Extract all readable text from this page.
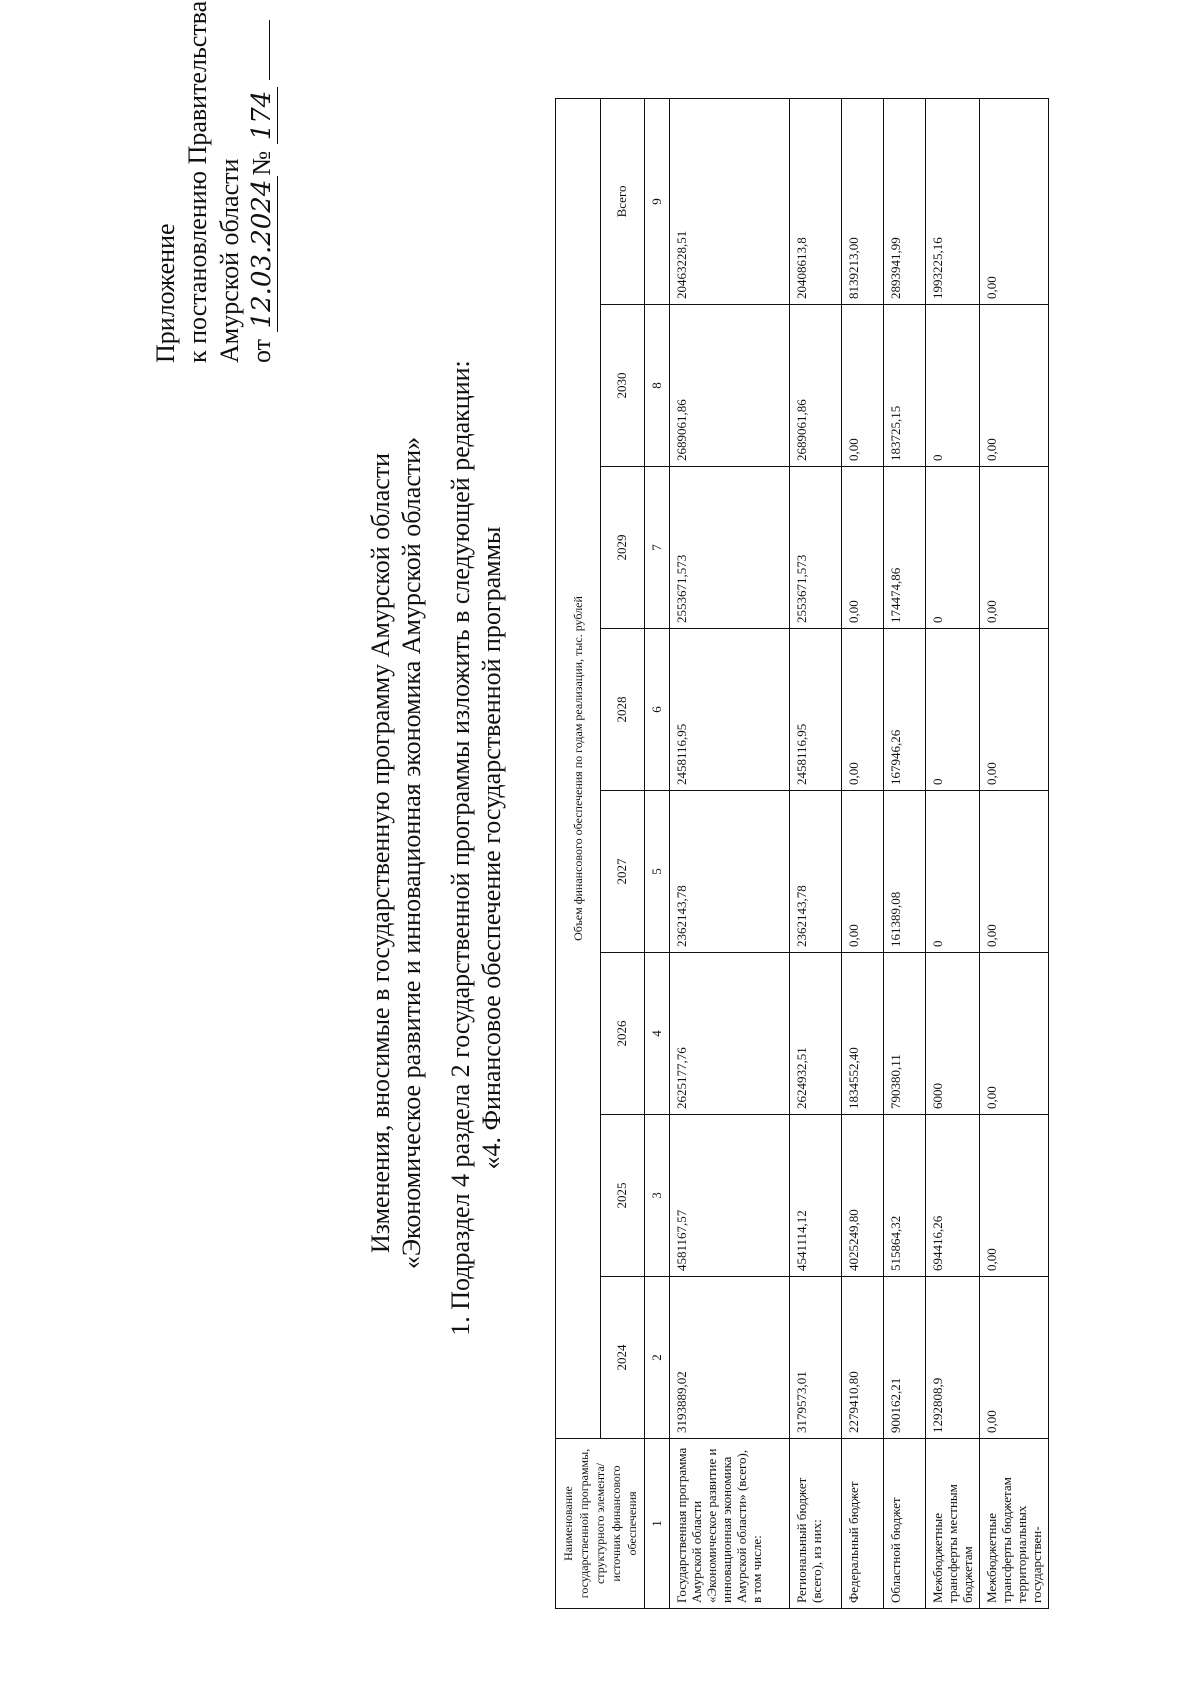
Приложение к постановлению Правительства Амурской области от 12.03.2024№ 174
Изменения, вносимые в государственную программу Амурской области «Экономическое развитие и инновационная экономика Амурской области» 1. Подраздел 4 раздела 2 государственной программы изложить в следующей редакции: «4. Финансовое обеспечение государственной программы
Наименование государственной программы, структурного элемента/источник финансового обеспечения	Объем финансового обеспечения по годам реализации, тыс. рублей							
	2024	2025	2026	2027	2028	2029	2030	Всего
1	2	3	4	5	6	7	8	9
Государственная программа Амурской области «Экономическое развитие и инновационная экономика Амурской области» (всего), в том числе:	3193889,02	4581167,57	2625177,76	2362143,78	2458116,95	2553671,573	2689061,86	20463228,51
Региональный бюджет (всего), из них:	3179573,01	4541114,12	2624932,51	2362143,78	2458116,95	2553671,573	2689061,86	20408613,8
Федеральный бюджет	2279410,80	4025249,80	1834552,40	0,00	0,00	0,00	0,00	8139213,00
Областной бюджет	900162,21	515864,32	790380,11	161389,08	167946,26	174474,86	183725,15	2893941,99
Межбюджетные трансферты местным бюджетам	1292808,9	694416,26	6000	0	0	0	0	1993225,16
Межбюджетные трансферты бюджетам территориальных государствен-	0,00	0,00	0,00	0,00	0,00	0,00	0,00	0,00
